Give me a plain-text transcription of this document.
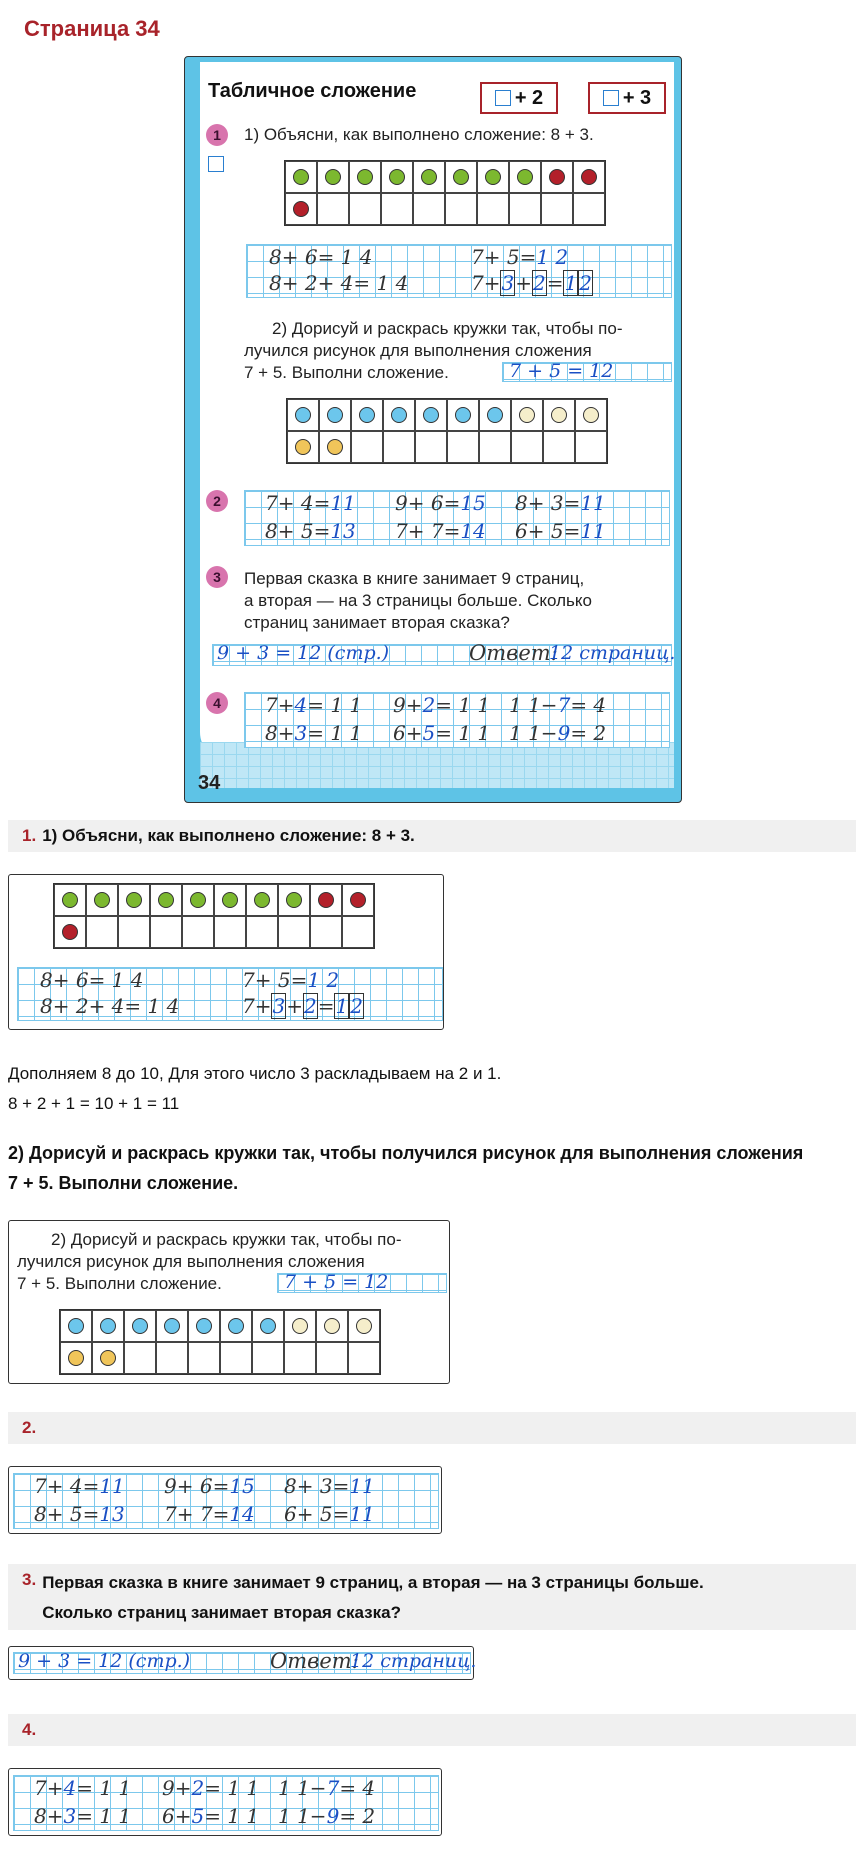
Страница 34
34
Табличное сложение	+ 2	+ 3
1	1) Объясни, как выполнено сложение: 8 + 3.
8+ 6= 1 4	7+ 5=1 2
8+ 2+ 4= 1 4	7+3+2=1 2
2) Дорисуй и раскрась кружки так, чтобы по-
лучился рисунок для выполнения сложения
7 + 5. Выполни сложение.	7 + 5 = 12
2	7+ 4=11 9+ 6=15 8+ 3=11
8+ 5=13 7+ 7=14 6+ 5=11
3	Первая сказка в книге занимает 9 страниц,
а вторая — на 3 страницы больше. Сколько
страниц занимает вторая сказка?
9 + 3 = 12 (стр.)	Ответ:
12 страниц.
4	7+4= 1 1 9+2= 1 1 1 1−7= 4
8+3= 1 1 6+5= 1 1 1 1−9= 2
1. 1) Объясни, как выполнено сложение: 8 + 3.
8+ 6= 1 4	7+ 5=1 2
8+ 2+ 4= 1 4	7+3+2=1 2
Дополняем 8 до 10, Для этого число 3 раскладываем на 2 и 1.
8 + 2 + 1 = 10 + 1 = 11
2) Дорисуй и раскрась кружки так, чтобы получился рисунок для выполнения сложения
7 + 5. Выполни сложение.
2) Дорисуй и раскрась кружки так, чтобы по-
лучился рисунок для выполнения сложения
7 + 5. Выполни сложение.	7 + 5 = 12
2.
7+ 4=11 9+ 6=15 8+ 3=11
8+ 5=13 7+ 7=14 6+ 5=11
3. Первая сказка в книге занимает 9 страниц, а вторая — на 3 страницы больше.
Сколько страниц занимает вторая сказка?
9 + 3 = 12 (стр.)	Ответ:
12 страниц.
4.
7+4= 1 1 9+2= 1 1 1 1−7= 4
8+3= 1 1 6+5= 1 1 1 1−9= 2
